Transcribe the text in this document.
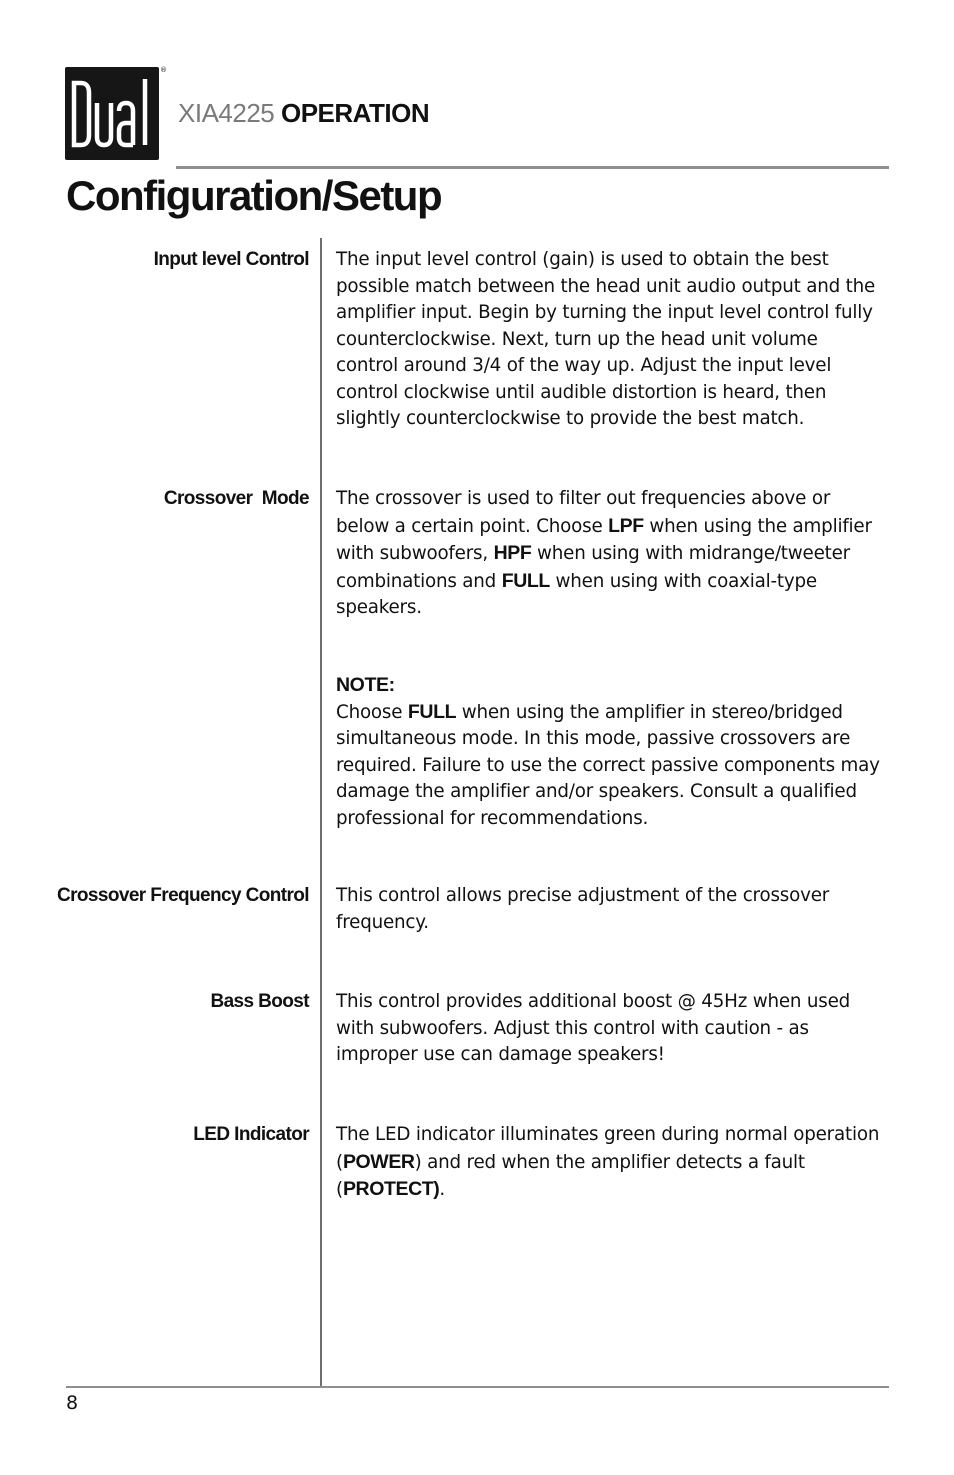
®
XIA4225 OPERATION
Configuration/Setup
Input level Control The input level control (gain) is used to obtain the best possible match between the head unit audio output and the amplifier input. Begin by turning the input level control fully counterclockwise. Next, turn up the head unit volume control around 3/4 of the way up. Adjust the input level control clockwise until audible distortion is heard, then slightly counterclockwise to provide the best match.

Crossover  Mode The crossover is used to filter out frequencies above or below a certain point. Choose LPF when using the amplifier with subwoofers, HPF when using with midrange/tweeter combinations and FULL when using with coaxial-type speakers.

NOTE:
Choose FULL when using the amplifier in stereo/bridged simultaneous mode. In this mode, passive crossovers are required. Failure to use the correct passive components may damage the amplifier and/or speakers. Consult a qualified professional for recommendations.

Crossover Frequency Control This control allows precise adjustment of the crossover frequency.

Bass Boost This control provides additional boost @ 45Hz when used with subwoofers. Adjust this control with caution - as improper use can damage speakers!

LED Indicator The LED indicator illuminates green during normal operation (POWER) and red when the amplifier detects a fault (PROTECT).

8
